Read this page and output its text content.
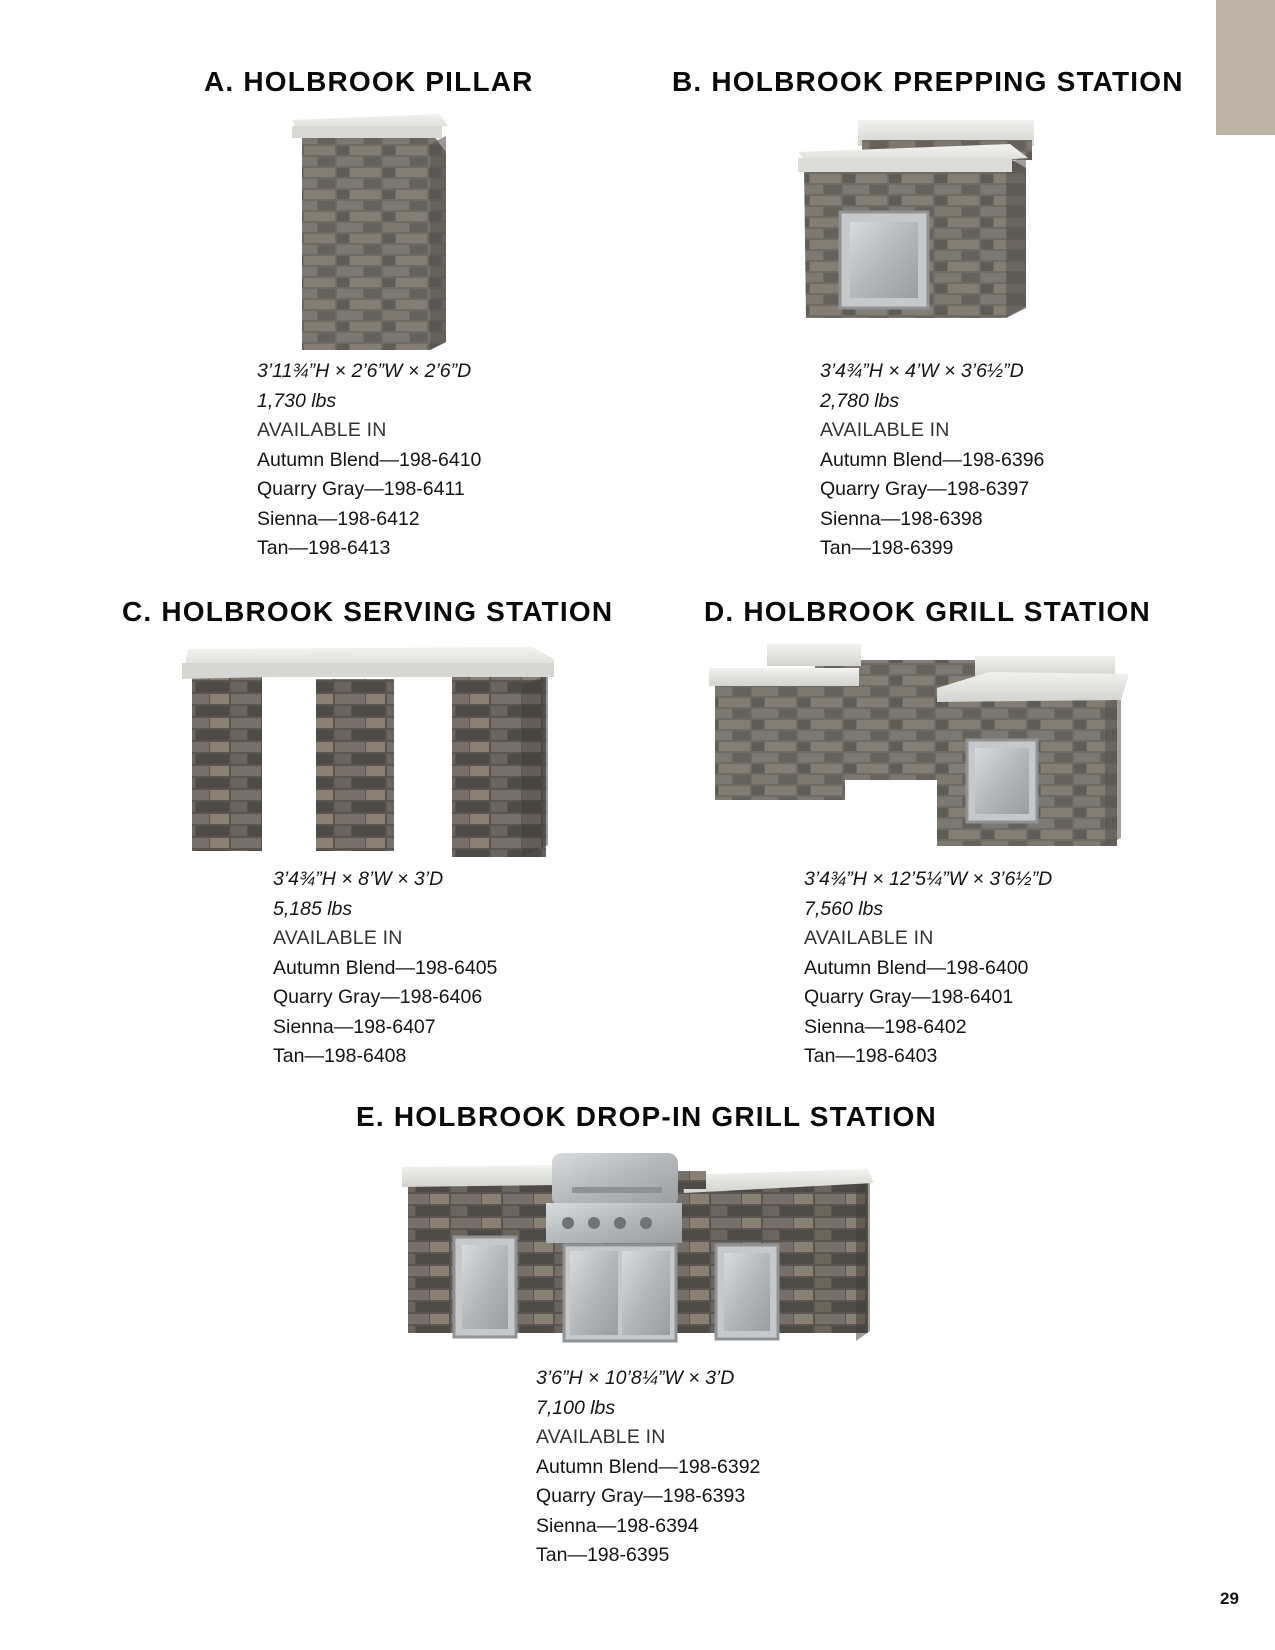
A. HOLBROOK PILLAR
3’11¾”H × 2’6”W × 2’6”D
1,730 lbs
AVAILABLE IN
Autumn Blend—198-6410
Quarry Gray—198-6411
Sienna—198-6412
Tan—198-6413
B. HOLBROOK PREPPING STATION
3’4¾”H × 4’W × 3’6½”D
2,780 lbs
AVAILABLE IN
Autumn Blend—198-6396
Quarry Gray—198-6397
Sienna—198-6398
Tan—198-6399
C. HOLBROOK SERVING STATION
3’4¾”H × 8’W × 3’D
5,185 lbs
AVAILABLE IN
Autumn Blend—198-6405
Quarry Gray—198-6406
Sienna—198-6407
Tan—198-6408
D. HOLBROOK GRILL STATION
3’4¾”H × 12’5¼”W × 3’6½”D
7,560 lbs
AVAILABLE IN
Autumn Blend—198-6400
Quarry Gray—198-6401
Sienna—198-6402
Tan—198-6403
E. HOLBROOK DROP-IN GRILL STATION
3’6”H × 10’8¼”W × 3’D
7,100 lbs
AVAILABLE IN
Autumn Blend—198-6392
Quarry Gray—198-6393
Sienna—198-6394
Tan—198-6395
29
